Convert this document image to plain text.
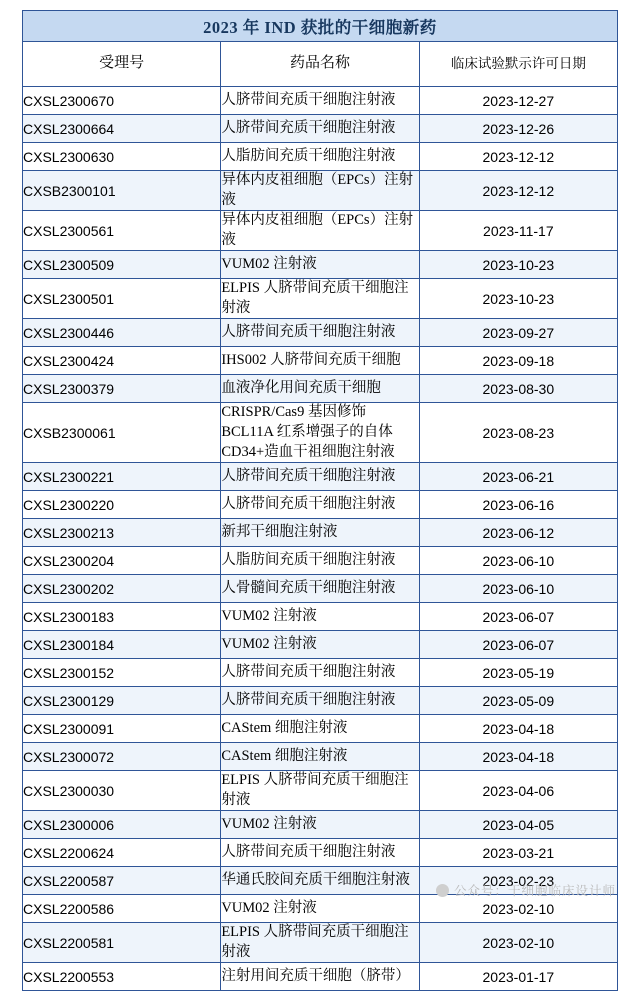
2023 年 IND 获批的干细胞新药		
受理号	药品名称	临床试验默示许可日期
CXSL2300670	人脐带间充质干细胞注射液	2023-12-27
CXSL2300664	人脐带间充质干细胞注射液	2023-12-26
CXSL2300630	人脂肪间充质干细胞注射液	2023-12-12
CXSB2300101	异体内皮祖细胞（EPCs）注射液	2023-12-12
CXSL2300561	异体内皮祖细胞（EPCs）注射液	2023-11-17
CXSL2300509	VUM02 注射液	2023-10-23
CXSL2300501	ELPIS 人脐带间充质干细胞注射液	2023-10-23
CXSL2300446	人脐带间充质干细胞注射液	2023-09-27
CXSL2300424	IHS002 人脐带间充质干细胞	2023-09-18
CXSL2300379	血液净化用间充质干细胞	2023-08-30
CXSB2300061	CRISPR/Cas9 基因修饰 BCL11A 红系增强子的自体 CD34+造血干祖细胞注射液	2023-08-23
CXSL2300221	人脐带间充质干细胞注射液	2023-06-21
CXSL2300220	人脐带间充质干细胞注射液	2023-06-16
CXSL2300213	新邦干细胞注射液	2023-06-12
CXSL2300204	人脂肪间充质干细胞注射液	2023-06-10
CXSL2300202	人骨髓间充质干细胞注射液	2023-06-10
CXSL2300183	VUM02 注射液	2023-06-07
CXSL2300184	VUM02 注射液	2023-06-07
CXSL2300152	人脐带间充质干细胞注射液	2023-05-19
CXSL2300129	人脐带间充质干细胞注射液	2023-05-09
CXSL2300091	CAStem 细胞注射液	2023-04-18
CXSL2300072	CAStem 细胞注射液	2023-04-18
CXSL2300030	ELPIS 人脐带间充质干细胞注射液	2023-04-06
CXSL2300006	VUM02 注射液	2023-04-05
CXSL2200624	人脐带间充质干细胞注射液	2023-03-21
CXSL2200587	华通氏胶间充质干细胞注射液	2023-02-23
CXSL2200586	VUM02 注射液	2023-02-10
CXSL2200581	ELPIS 人脐带间充质干细胞注射液	2023-02-10
CXSL2200553	注射用间充质干细胞（脐带）	2023-01-17
公众号：干细胞临床设计师
